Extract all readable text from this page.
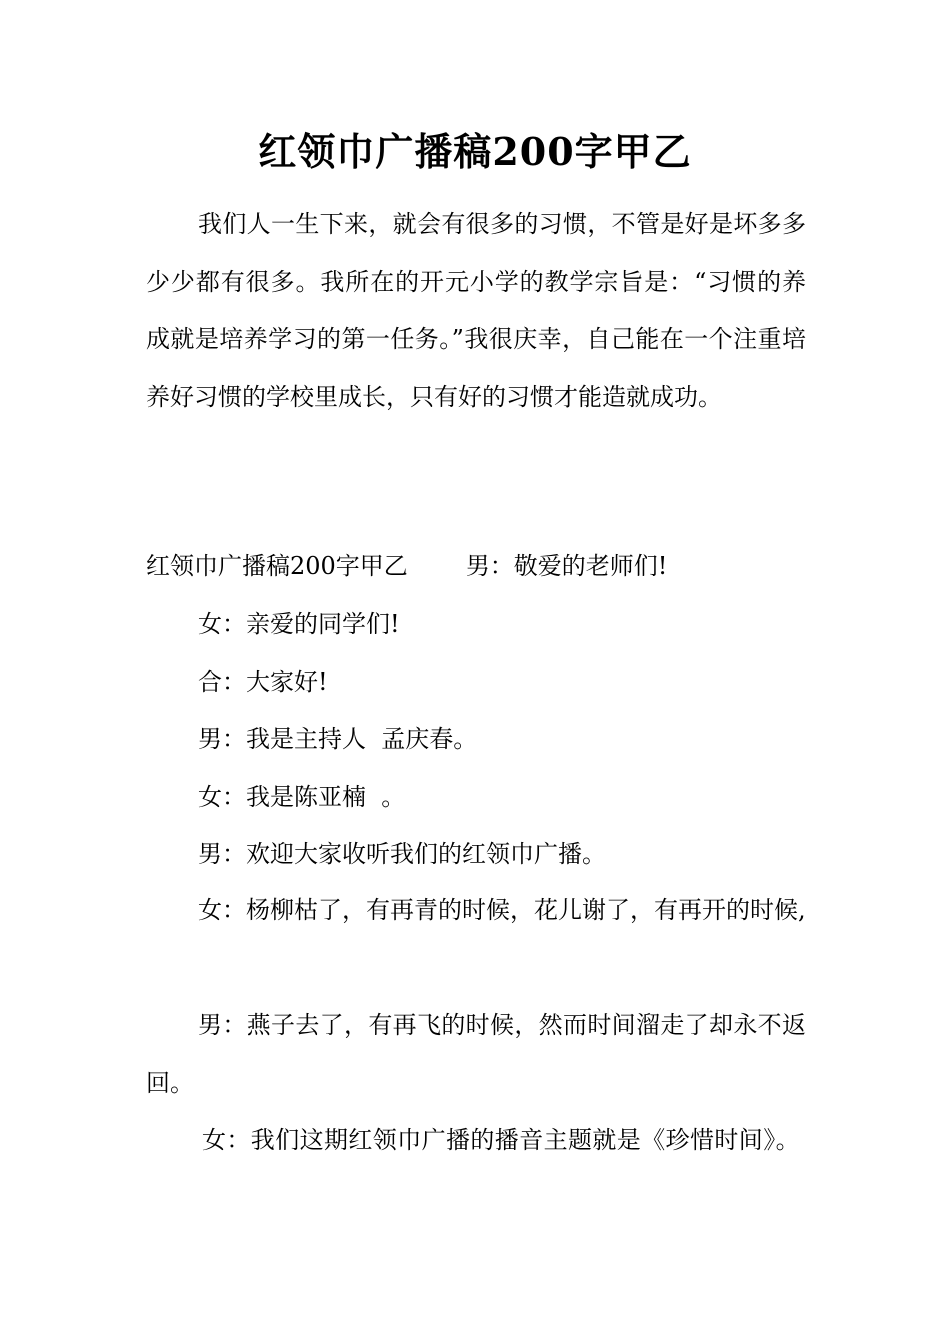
红领巾广播稿200字甲乙
我们人一生下来，就会有很多的习惯，不管是好是坏多多少少都有很多。我所在的开元小学的教学宗旨是：“习惯的养成就是培养学习的第一任务。”我很庆幸，自己能在一个注重培养好习惯的学校里成长，只有好的习惯才能造就成功。
红领巾广播稿200字甲乙 男：敬爱的老师们!
女：亲爱的同学们!
合：大家好!
男：我是主持人  孟庆春。
女：我是陈亚楠  。
男：欢迎大家收听我们的红领巾广播。
女：杨柳枯了，有再青的时候，花儿谢了，有再开的时候,
男：燕子去了，有再飞的时候，然而时间溜走了却永不返回。
女：我们这期红领巾广播的播音主题就是《珍惜时间》。
